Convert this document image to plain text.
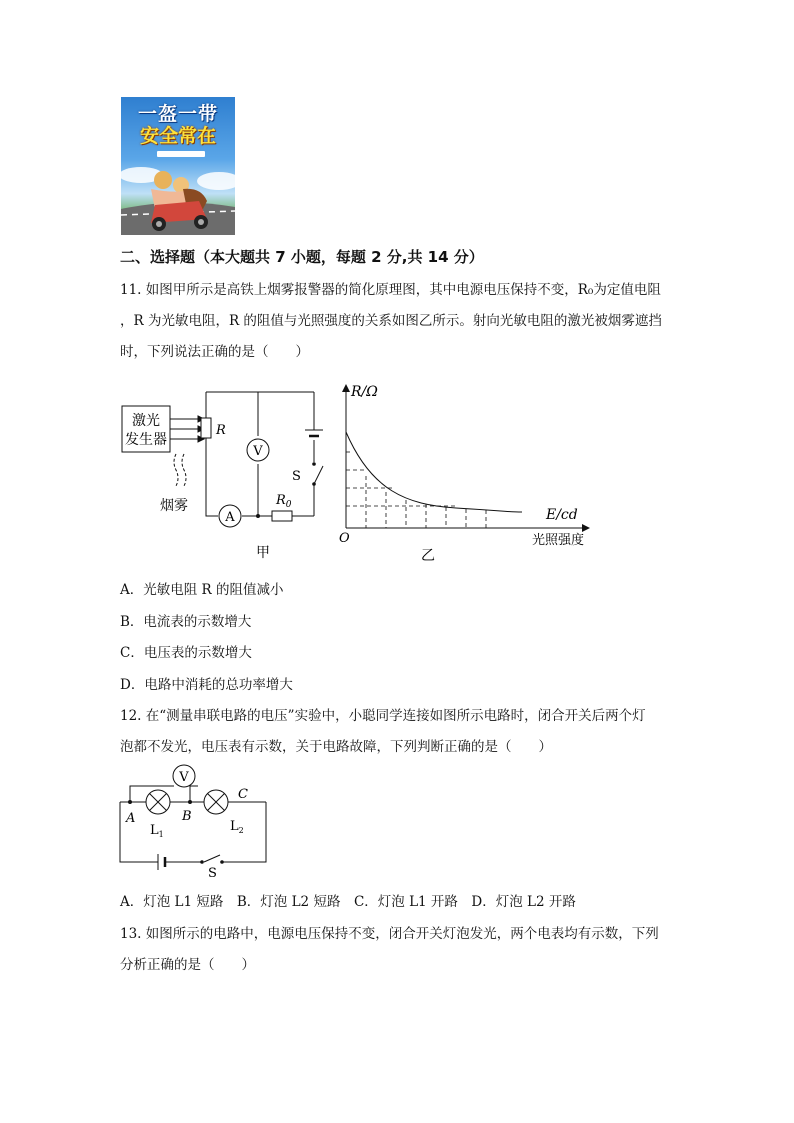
一盔一带
安全常在
二、选择题（本大题共 7 小题，每题 2 分,共 14 分）
11. 如图甲所示是高铁上烟雾报警器的简化原理图，其中电源电压保持不变，R₀为定值电阻
，R 为光敏电阻，R 的阻值与光照强度的关系如图乙所示。射向光敏电阻的激光被烟雾遮挡
时，下列说法正确的是（　　）
激光
发生器
烟雾
R
V
A
$R_0$
S
甲
R/Ω
E/cd
O	光照强度
乙
A．光敏电阻 R 的阻值减小
B．电流表的示数增大
C．电压表的示数增大
D．电路中消耗的总功率增大
12. 在“测量串联电路的电压”实验中，小聪同学连接如图所示电路时，闭合开关后两个灯
泡都不发光，电压表有示数，关于电路故障，下列判断正确的是（　　）
V
A	B
C
$L_1$
$L_2$
S
A．灯泡 L1 短路　B．灯泡 L2 短路　C．灯泡 L1 开路　D．灯泡 L2 开路
13. 如图所示的电路中，电源电压保持不变，闭合开关灯泡发光，两个电表均有示数，下列
分析正确的是（　　）
